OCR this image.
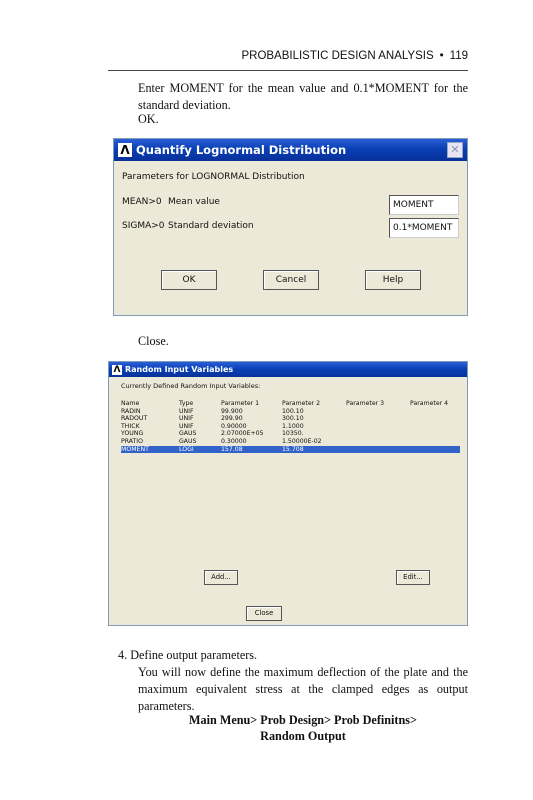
PROBABILISTIC DESIGN ANALYSIS • 119

Enter MOMENT for the mean value and 0.1*MOMENT for the standard deviation.

OK.

Λ Quantify Lognormal Distribution	✕
Parameters for LOGNORMAL Distribution
MEAN>0 Mean value	MOMENT
SIGMA>0 Standard deviation	0.1*MOMENT
OK	Cancel	Help

Close.

Λ Random Input Variables
Currently Defined Random Input Variables:
Name	Type	Parameter 1	Parameter 2	Parameter 3	Parameter 4
RADIN	UNIF	99.900	100.10		
RADOUT	UNIF	299.90	300.10		
THICK	UNIF	0.90000	1.1000		
YOUNG	GAUS	2.07000E+05	10350.		
PRATIO	GAUS	0.30000	1.50000E-02		
MOMENT	LOGI	157.08	15.708		
Add...	Edit...
Close

4. Define output parameters.

You will now define the maximum deflection of the plate and the maximum equivalent stress at the clamped edges as output parameters.

Main Menu> Prob Design> Prob Definitns>

Random Output
